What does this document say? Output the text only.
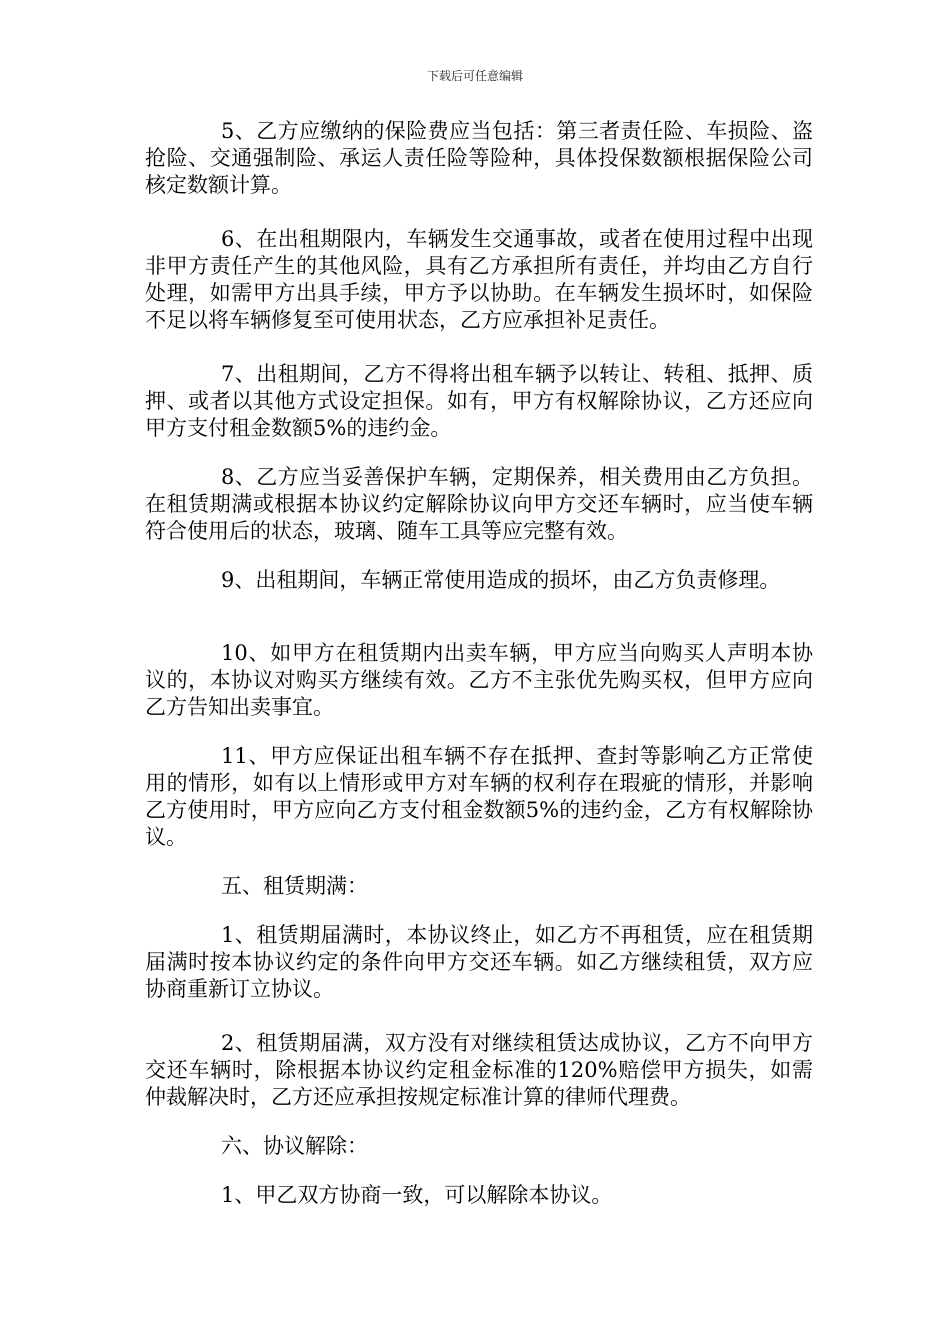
下载后可任意编辑

5、乙方应缴纳的保险费应当包括：第三者责任险、车损险、盗抢险、交通强制险、承运人责任险等险种，具体投保数额根据保险公司核定数额计算。

6、在出租期限内，车辆发生交通事故，或者在使用过程中出现非甲方责任产生的其他风险，具有乙方承担所有责任，并均由乙方自行处理，如需甲方出具手续，甲方予以协助。在车辆发生损坏时，如保险不足以将车辆修复至可使用状态，乙方应承担补足责任。

7、出租期间，乙方不得将出租车辆予以转让、转租、抵押、质押、或者以其他方式设定担保。如有，甲方有权解除协议，乙方还应向甲方支付租金数额5%的违约金。

8、乙方应当妥善保护车辆，定期保养，相关费用由乙方负担。在租赁期满或根据本协议约定解除协议向甲方交还车辆时，应当使车辆符合使用后的状态，玻璃、随车工具等应完整有效。

9、出租期间，车辆正常使用造成的损坏，由乙方负责修理。

10、如甲方在租赁期内出卖车辆，甲方应当向购买人声明本协议的，本协议对购买方继续有效。乙方不主张优先购买权，但甲方应向乙方告知出卖事宜。

11、甲方应保证出租车辆不存在抵押、查封等影响乙方正常使用的情形，如有以上情形或甲方对车辆的权利存在瑕疵的情形，并影响乙方使用时，甲方应向乙方支付租金数额5%的违约金，乙方有权解除协议。

五、租赁期满：

1、租赁期届满时，本协议终止，如乙方不再租赁，应在租赁期届满时按本协议约定的条件向甲方交还车辆。如乙方继续租赁，双方应协商重新订立协议。

2、租赁期届满，双方没有对继续租赁达成协议，乙方不向甲方交还车辆时，除根据本协议约定租金标准的120%赔偿甲方损失，如需仲裁解决时，乙方还应承担按规定标准计算的律师代理费。

六、协议解除：

1、甲乙双方协商一致，可以解除本协议。
